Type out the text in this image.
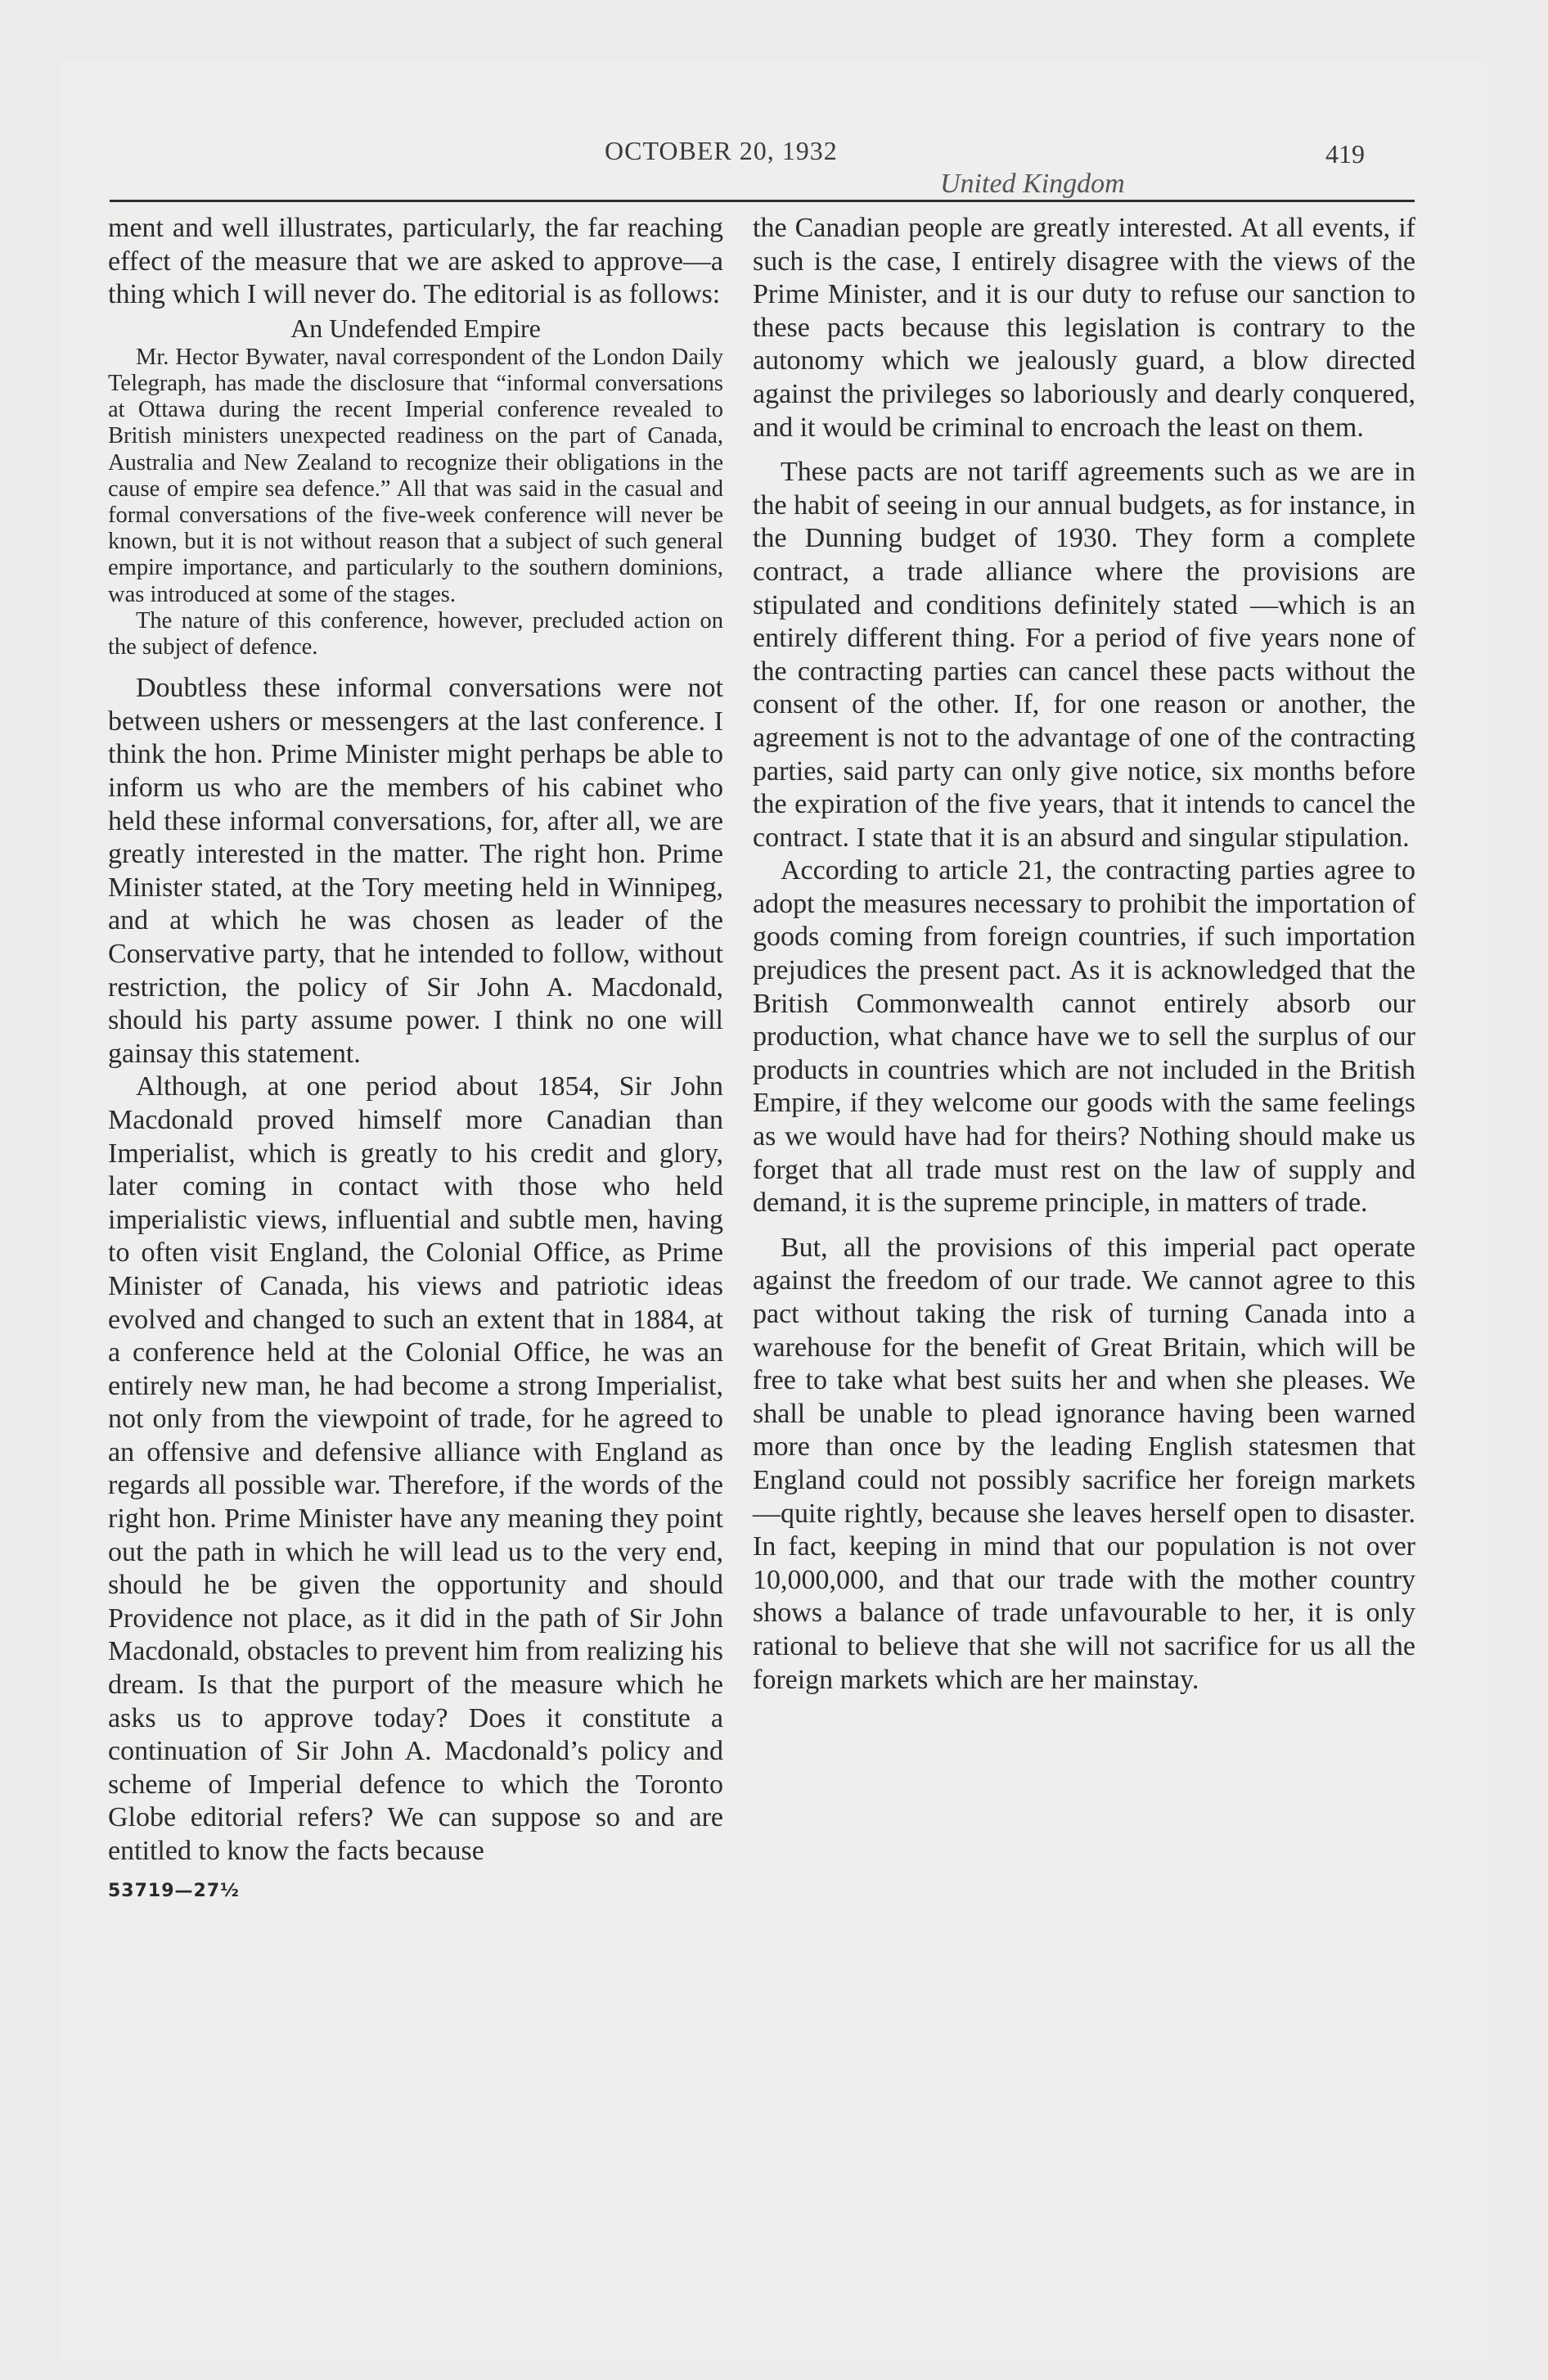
OCTOBER 20, 1932
United Kingdom
419

ment and well illustrates, particularly, the far reaching effect of the measure that we are asked to approve—a thing which I will never do. The editorial is as follows:

An Undefended Empire

Mr. Hector Bywater, naval correspondent of the London Daily Telegraph, has made the disclosure that “informal conversations at Ottawa during the recent Imperial conference revealed to British ministers unexpected readiness on the part of Canada, Australia and New Zealand to recognize their obligations in the cause of empire sea defence.” All that was said in the casual and formal conversations of the five-week conference will never be known, but it is not without reason that a subject of such general empire importance, and particularly to the southern dominions, was introduced at some of the stages.

The nature of this conference, however, precluded action on the subject of defence.

Doubtless these informal conversations were not between ushers or messengers at the last conference. I think the hon. Prime Minister might perhaps be able to inform us who are the members of his cabinet who held these informal conversations, for, after all, we are greatly interested in the matter. The right hon. Prime Minister stated, at the Tory meeting held in Winnipeg, and at which he was chosen as leader of the Conservative party, that he intended to follow, without restriction, the policy of Sir John A. Macdonald, should his party assume power. I think no one will gainsay this statement.

Although, at one period about 1854, Sir John Macdonald proved himself more Canadian than Imperialist, which is greatly to his credit and glory, later coming in contact with those who held imperialistic views, influential and subtle men, having to often visit England, the Colonial Office, as Prime Minister of Canada, his views and patriotic ideas evolved and changed to such an extent that in 1884, at a conference held at the Colonial Office, he was an entirely new man, he had become a strong Imperialist, not only from the viewpoint of trade, for he agreed to an offensive and defensive alliance with England as regards all possible war. Therefore, if the words of the right hon. Prime Minister have any meaning they point out the path in which he will lead us to the very end, should he be given the opportunity and should Providence not place, as it did in the path of Sir John Macdonald, obstacles to prevent him from realizing his dream. Is that the purport of the measure which he asks us to approve today? Does it constitute a continuation of Sir John A. Macdonald’s policy and scheme of Imperial defence to which the Toronto Globe editorial refers? We can suppose so and are entitled to know the facts because

53719—27½

the Canadian people are greatly interested. At all events, if such is the case, I entirely disagree with the views of the Prime Minister, and it is our duty to refuse our sanction to these pacts because this legislation is contrary to the autonomy which we jealously guard, a blow directed against the privileges so laboriously and dearly conquered, and it would be criminal to encroach the least on them.

These pacts are not tariff agreements such as we are in the habit of seeing in our annual budgets, as for instance, in the Dunning budget of 1930. They form a complete contract, a trade alliance where the provisions are stipulated and conditions definitely stated —which is an entirely different thing. For a period of five years none of the contracting parties can cancel these pacts without the consent of the other. If, for one reason or another, the agreement is not to the advantage of one of the contracting parties, said party can only give notice, six months before the expiration of the five years, that it intends to cancel the contract. I state that it is an absurd and singular stipulation.

According to article 21, the contracting parties agree to adopt the measures necessary to prohibit the importation of goods coming from foreign countries, if such importation prejudices the present pact. As it is acknowledged that the British Commonwealth cannot entirely absorb our production, what chance have we to sell the surplus of our products in countries which are not included in the British Empire, if they welcome our goods with the same feelings as we would have had for theirs? Nothing should make us forget that all trade must rest on the law of supply and demand, it is the supreme principle, in matters of trade.

But, all the provisions of this imperial pact operate against the freedom of our trade. We cannot agree to this pact without taking the risk of turning Canada into a warehouse for the benefit of Great Britain, which will be free to take what best suits her and when she pleases. We shall be unable to plead ignorance having been warned more than once by the leading English statesmen that England could not possibly sacrifice her foreign markets —quite rightly, because she leaves herself open to disaster. In fact, keeping in mind that our population is not over 10,000,000, and that our trade with the mother country shows a balance of trade unfavourable to her, it is only rational to believe that she will not sacrifice for us all the foreign markets which are her mainstay.
